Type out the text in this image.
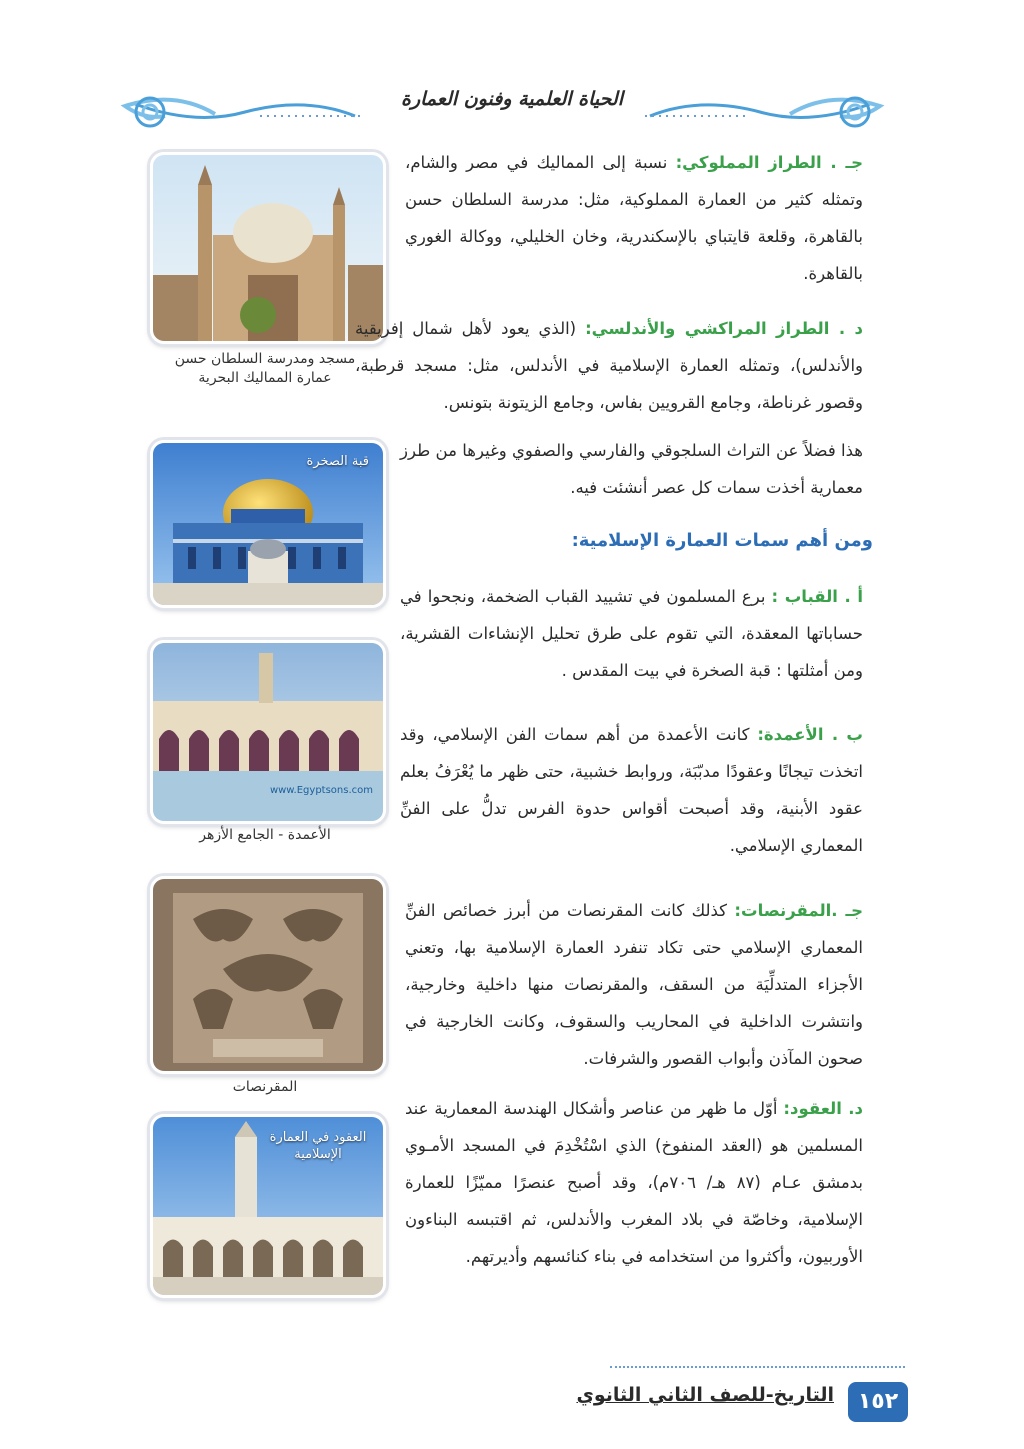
الحياة العلمية وفنون العمارة
جـ . الطراز المملوكي: نسبة إلى المماليك في مصر والشام، وتمثله كثير من العمارة المملوكية، مثل: مدرسة السلطان حسن بالقاهرة، وقلعة قايتباي بالإسكندرية، وخان الخليلي، ووكالة الغوري بالقاهرة.
مسجد ومدرسة السلطان حسن
عمارة المماليك البحرية
د . الطراز المراكشي والأندلسي: (الذي يعود لأهل شمال إفريقية والأندلس)، وتمثله العمارة الإسلامية في الأندلس، مثل: مسجد قرطبة، وقصور غرناطة، وجامع القرويين بفاس، وجامع الزيتونة بتونس.
قبة الصخرة
هذا فضلاً عن التراث السلجوقي والفارسي والصفوي وغيرها من طرز معمارية أخذت سمات كل عصر أنشئت فيه.
ومن أهم سمات العمارة الإسلامية:
أ . القباب : برع المسلمون في تشييد القباب الضخمة، ونجحوا في حساباتها المعقدة، التي تقوم على طرق تحليل الإنشاءات القشرية، ومن أمثلتها : قبة الصخرة في بيت المقدس .
www.Egyptsons.com
الأعمدة - الجامع الأزهر
ب . الأعمدة: كانت الأعمدة من أهم سمات الفن الإسلامي، وقد اتخذت تيجانًا وعقودًا مدبّبَة، وروابط خشبية، حتى ظهر ما يُعْرَفُ بعلم عقود الأبنية، وقد أصبحت أقواس حدوة الفرس تدلُّ على الفنِّ المعماري الإسلامي.
المقرنصات
جـ .المقرنصات: كذلك كانت المقرنصات من أبرز خصائص الفنِّ المعماري الإسلامي حتى تكاد تنفرد العمارة الإسلامية بها، وتعني الأجزاء المتدلِّيَة من السقف، والمقرنصات منها داخلية وخارجية، وانتشرت الداخلية في المحاريب والسقوف، وكانت الخارجية في صحون المآذن وأبواب القصور والشرفات.
العقود في العمارة
الإسلامية
د. العقود: أوّل ما ظهر من عناصر وأشكال الهندسة المعمارية عند المسلمين هو (العقد المنفوخ) الذي اسْتُخْدِمَ في المسجد الأمـوي بدمشق عـام (٨٧ هـ/ ٧٠٦م)، وقد أصبح عنصرًا مميّزًا للعمارة الإسلامية، وخاصّة في بلاد المغرب والأندلس، ثم اقتبسه البناءون الأوربيون، وأكثروا من استخدامه في بناء كنائسهم وأديرتهم.
التاريخ-للصف الثاني الثانوي	١٥٢
